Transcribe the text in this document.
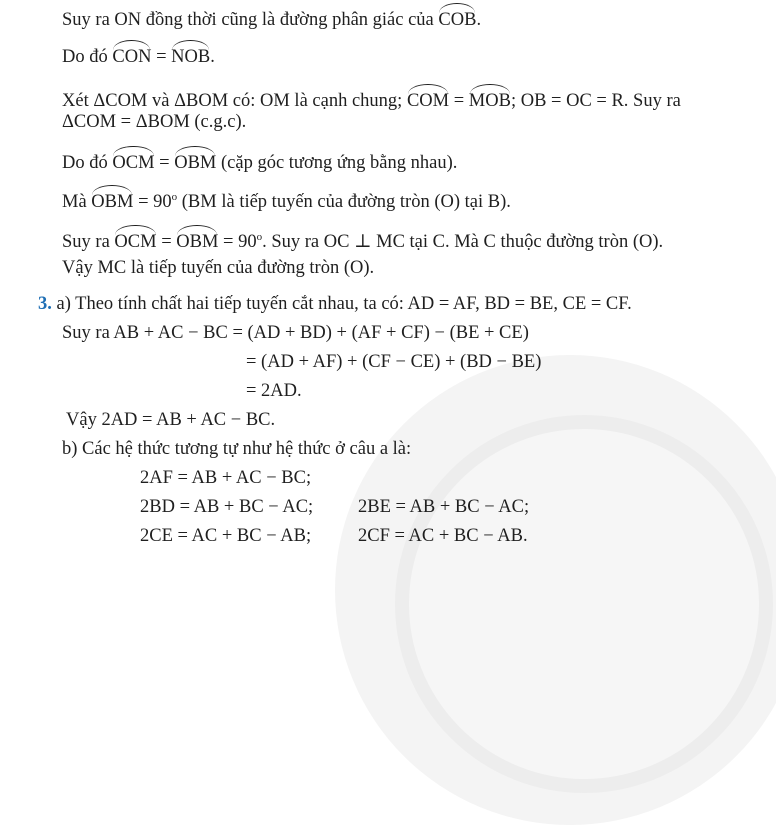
Suy ra ON đồng thời cũng là đường phân giác của COB.
Do đó CON = NOB.
Xét ΔCOM và ΔBOM có: OM là cạnh chung; COM = MOB; OB = OC = R. Suy ra
ΔCOM = ΔBOM (c.g.c).
Do đó OCM = OBM (cặp góc tương ứng bằng nhau).
Mà OBM = $90^o$ (BM là tiếp tuyến của đường tròn (O) tại B).
Suy ra OCM = OBM = $90^o$. Suy ra OC ⊥ MC tại C. Mà C thuộc đường tròn (O).
Vậy MC là tiếp tuyến của đường tròn (O).
3. a) Theo tính chất hai tiếp tuyến cắt nhau, ta có: AD = AF, BD = BE, CE = CF.
Suy ra AB + AC − BC = (AD + BD) + (AF + CF) − (BE + CE)
= (AD + AF) + (CF − CE) + (BD − BE)
= 2AD.
Vậy 2AD = AB + AC − BC.
b) Các hệ thức tương tự như hệ thức ở câu a là:
2AF = AB + AC − BC;
2BD = AB + BC − AC; 2BE = AB + BC − AC;
2CE = AC + BC − AB;	2CF = AC + BC − AB.
